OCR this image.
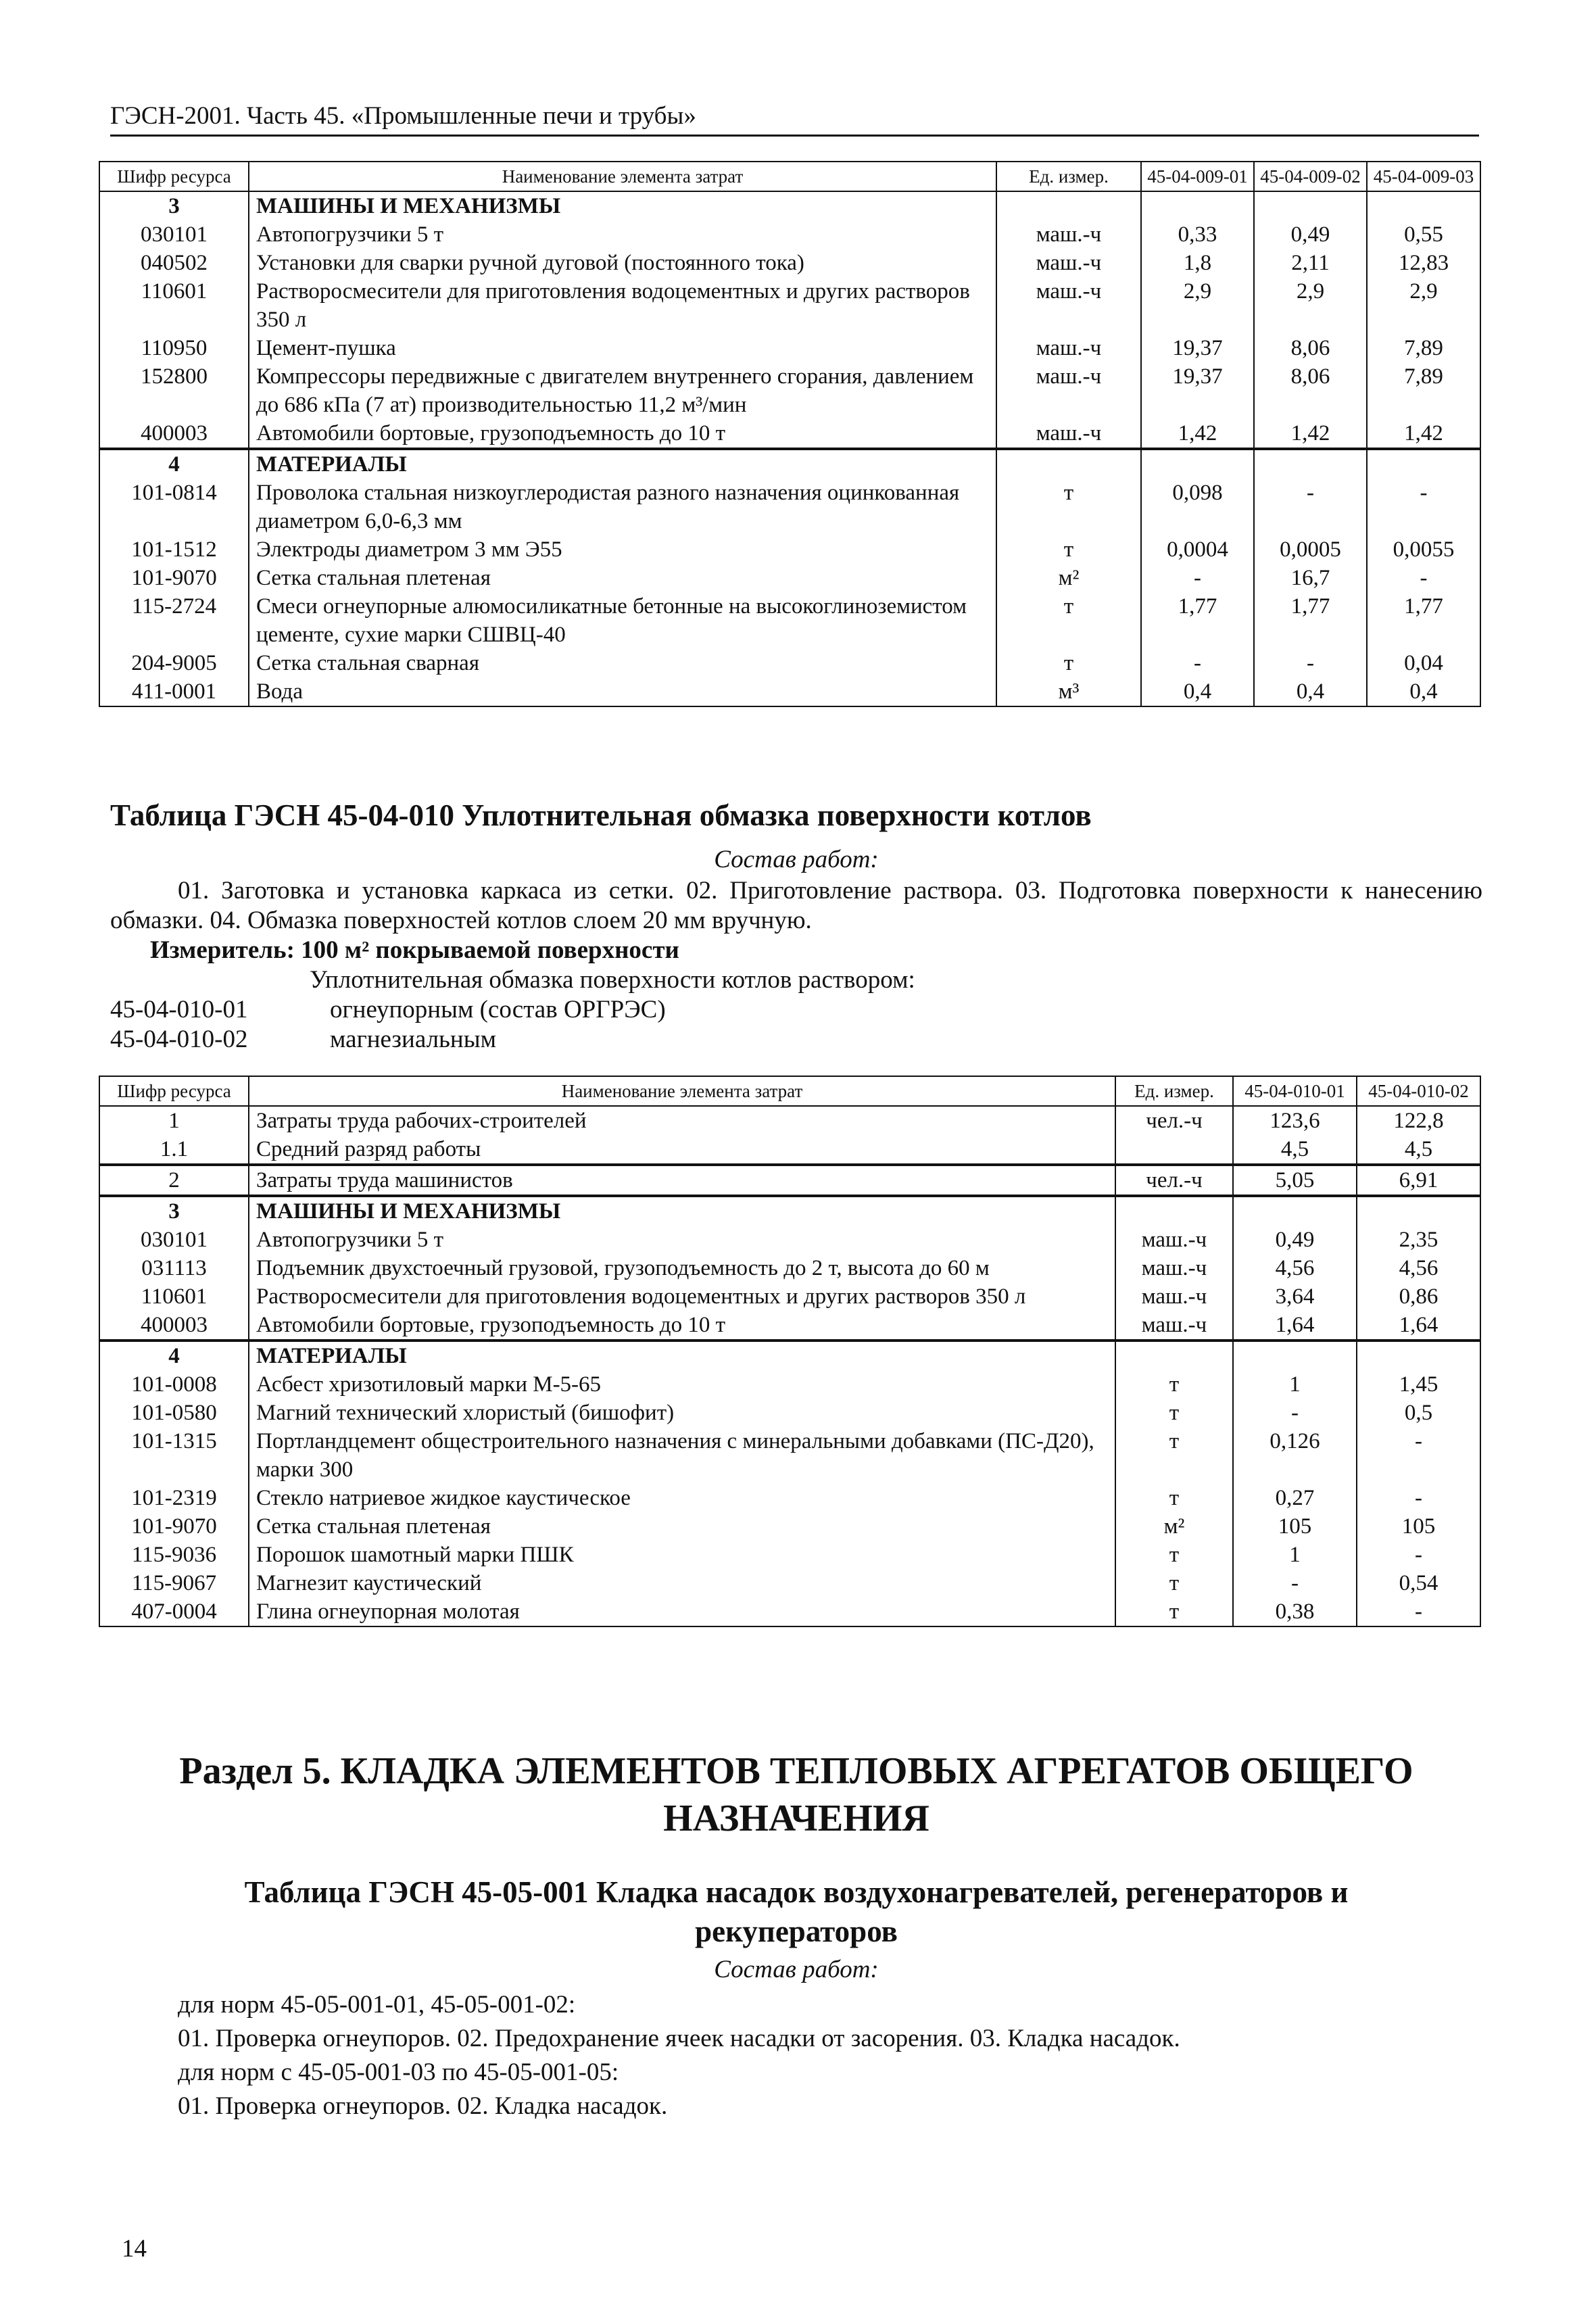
ГЭСН-2001. Часть 45. «Промышленные печи и трубы»
Шифр ресурса	Наименование элемента затрат	Ед. измер.	45-04-009-01	45-04-009-02	45-04-009-03
3	МАШИНЫ И МЕХАНИЗМЫ				
030101	Автопогрузчики 5 т	маш.-ч	0,33	0,49	0,55
040502	Установки для сварки ручной дуговой (постоянного тока)	маш.-ч	1,8	2,11	12,83
110601	Растворосмесители для приготовления водоцементных и других растворов 350 л	маш.-ч	2,9	2,9	2,9
110950	Цемент-пушка	маш.-ч	19,37	8,06	7,89
152800	Компрессоры передвижные с двигателем внутреннего сгорания, давлением до 686 кПа (7 ат) производительностью 11,2 м³/мин	маш.-ч	19,37	8,06	7,89
400003	Автомобили бортовые, грузоподъемность до 10 т	маш.-ч	1,42	1,42	1,42
4	МАТЕРИАЛЫ				
101-0814	Проволока стальная низкоуглеродистая разного назначения оцинкованная диаметром 6,0-6,3 мм	т	0,098	-	-
101-1512	Электроды диаметром 3 мм Э55	т	0,0004	0,0005	0,0055
101-9070	Сетка стальная плетеная	м²	-	16,7	-
115-2724	Смеси огнеупорные алюмосиликатные бетонные на высокоглиноземистом цементе, сухие марки СШВЦ-40	т	1,77	1,77	1,77
204-9005	Сетка стальная сварная	т	-	-	0,04
411-0001	Вода	м³	0,4	0,4	0,4
Таблица ГЭСН 45-04-010 Уплотнительная обмазка поверхности котлов
Состав работ:
01. Заготовка и установка каркаса из сетки. 02. Приготовление раствора. 03. Подготовка поверхности к нанесению обмазки. 04. Обмазка поверхностей котлов слоем 20 мм вручную.
Измеритель: 100 м² покрываемой поверхности
Уплотнительная обмазка поверхности котлов раствором:
45-04-010-01	огнеупорным (состав ОРГРЭС)
45-04-010-02	магнезиальным
Шифр ресурса	Наименование элемента затрат	Ед. измер.	45-04-010-01	45-04-010-02
1	Затраты труда рабочих-строителей	чел.-ч	123,6	122,8
1.1	Средний разряд работы		4,5	4,5
2	Затраты труда машинистов	чел.-ч	5,05	6,91
3	МАШИНЫ И МЕХАНИЗМЫ			
030101	Автопогрузчики 5 т	маш.-ч	0,49	2,35
031113	Подъемник двухстоечный грузовой, грузоподъемность до 2 т, высота до 60 м	маш.-ч	4,56	4,56
110601	Растворосмесители для приготовления водоцементных и других растворов 350 л	маш.-ч	3,64	0,86
400003	Автомобили бортовые, грузоподъемность до 10 т	маш.-ч	1,64	1,64
4	МАТЕРИАЛЫ			
101-0008	Асбест хризотиловый марки М-5-65	т	1	1,45
101-0580	Магний технический хлористый (бишофит)	т	-	0,5
101-1315	Портландцемент общестроительного назначения с минеральными добавками (ПС-Д20), марки 300	т	0,126	-
101-2319	Стекло натриевое жидкое каустическое	т	0,27	-
101-9070	Сетка стальная плетеная	м²	105	105
115-9036	Порошок шамотный марки ПШК	т	1	-
115-9067	Магнезит каустический	т	-	0,54
407-0004	Глина огнеупорная молотая	т	0,38	-
Раздел 5. КЛАДКА ЭЛЕМЕНТОВ ТЕПЛОВЫХ АГРЕГАТОВ ОБЩЕГО
НАЗНАЧЕНИЯ
Таблица ГЭСН 45-05-001 Кладка насадок воздухонагревателей, регенераторов и
рекуператоров
Состав работ:
для норм 45-05-001-01, 45-05-001-02:
01. Проверка огнеупоров. 02. Предохранение ячеек насадки от засорения. 03. Кладка насадок.
для норм с 45-05-001-03 по 45-05-001-05:
01. Проверка огнеупоров. 02. Кладка насадок.
14
